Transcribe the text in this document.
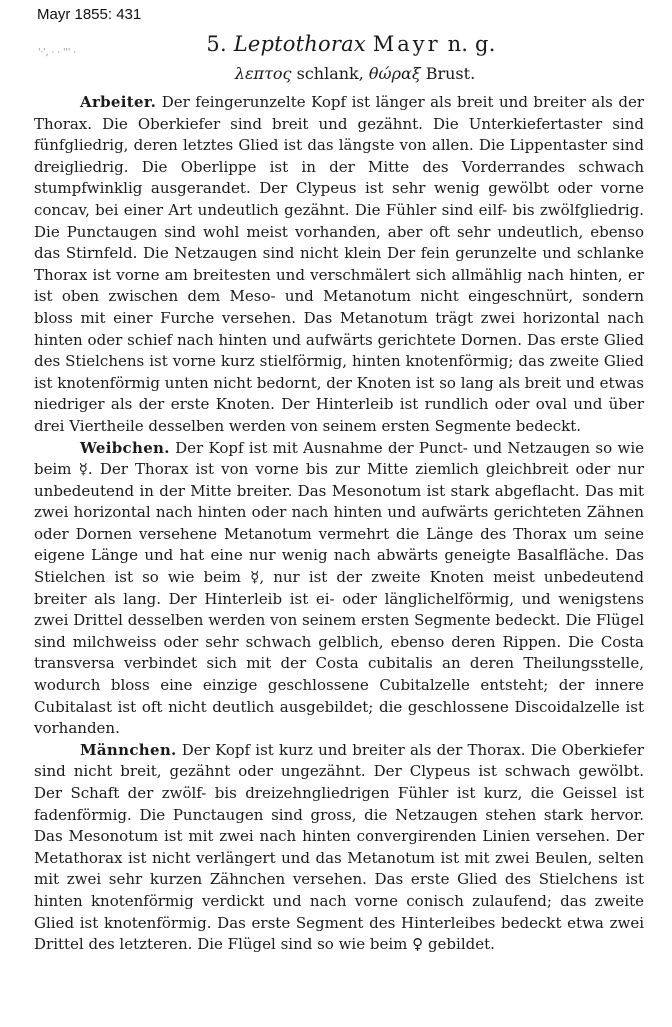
Mayr 1855: 431
'·', · · ''' ·	5. Leptothorax Mayr n. g.
λεπτος schlank, θώραξ Brust.

Arbeiter. Der feingerunzelte Kopf ist länger als breit und breiter als der Thorax. Die Oberkiefer sind breit und gezähnt. Die Unterkiefertaster sind fünfgliedrig, deren letztes Glied ist das längste von allen. Die Lippentaster sind dreigliedrig. Die Oberlippe ist in der Mitte des Vorderrandes schwach stumpfwinklig ausgerandet. Der Clypeus ist sehr wenig gewölbt oder vorne concav, bei einer Art undeutlich gezähnt. Die Fühler sind eilf- bis zwölfgliedrig. Die Punctaugen sind wohl meist vorhanden, aber oft sehr undeutlich, ebenso das Stirnfeld. Die Netzaugen sind nicht klein Der fein gerunzelte und schlanke Thorax ist vorne am breitesten und verschmälert sich allmählig nach hinten, er ist oben zwischen dem Meso- und Metanotum nicht eingeschnürt, sondern bloss mit einer Furche versehen. Das Metanotum trägt zwei horizontal nach hinten oder schief nach hinten und aufwärts gerichtete Dornen. Das erste Glied des Stielchens ist vorne kurz stielförmig, hinten knotenförmig; das zweite Glied ist knotenförmig unten nicht bedornt, der Knoten ist so lang als breit und etwas niedriger als der erste Knoten. Der Hinterleib ist rundlich oder oval und über drei Viertheile desselben werden von seinem ersten Segmente bedeckt.

Weibchen. Der Kopf ist mit Ausnahme der Punct- und Netzaugen so wie beim ☿. Der Thorax ist von vorne bis zur Mitte ziemlich gleichbreit oder nur unbedeutend in der Mitte breiter. Das Mesonotum ist stark abgeflacht. Das mit zwei horizontal nach hinten oder nach hinten und aufwärts gerichteten Zähnen oder Dornen versehene Metanotum vermehrt die Länge des Thorax um seine eigene Länge und hat eine nur wenig nach abwärts geneigte Basalfläche. Das Stielchen ist so wie beim ☿, nur ist der zweite Knoten meist unbedeutend breiter als lang. Der Hinterleib ist ei- oder länglichelförmig, und wenigstens zwei Drittel desselben werden von seinem ersten Segmente bedeckt. Die Flügel sind milchweiss oder sehr schwach gelblich, ebenso deren Rippen. Die Costa transversa verbindet sich mit der Costa cubitalis an deren Theilungsstelle, wodurch bloss eine einzige geschlossene Cubitalzelle entsteht; der innere Cubitalast ist oft nicht deutlich ausgebildet; die geschlossene Discoidalzelle ist vorhanden.

Männchen. Der Kopf ist kurz und breiter als der Thorax. Die Oberkiefer sind nicht breit, gezähnt oder ungezähnt. Der Clypeus ist schwach gewölbt. Der Schaft der zwölf- bis dreizehngliedrigen Fühler ist kurz, die Geissel ist fadenförmig. Die Punctaugen sind gross, die Netzaugen stehen stark hervor. Das Mesonotum ist mit zwei nach hinten convergirenden Linien versehen. Der Metathorax ist nicht verlängert und das Metanotum ist mit zwei Beulen, selten mit zwei sehr kurzen Zähnchen versehen. Das erste Glied des Stielchens ist hinten knotenförmig verdickt und nach vorne conisch zulaufend; das zweite Glied ist knotenförmig. Das erste Segment des Hinterleibes bedeckt etwa zwei Drittel des letzteren. Die Flügel sind so wie beim ♀ gebildet.
